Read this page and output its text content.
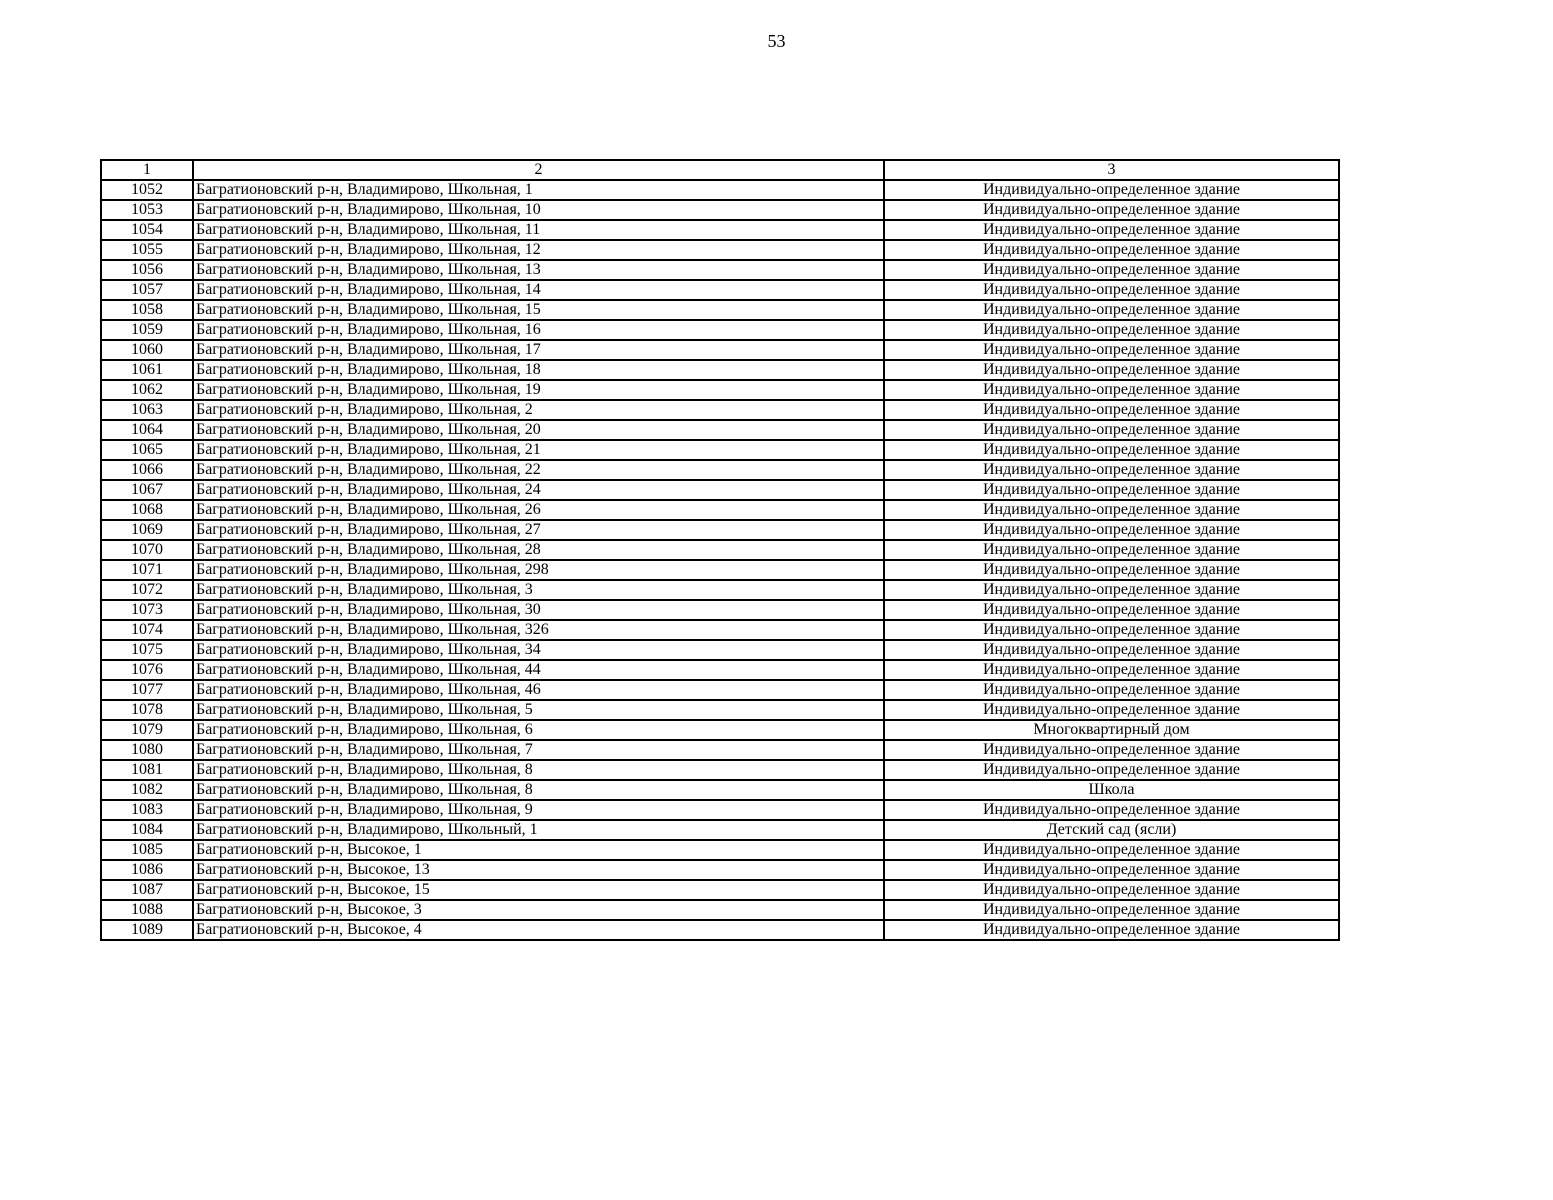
53
1	2	3
1052	Багратионовский р-н, Владимирово, Школьная, 1	Индивидуально-определенное здание
1053	Багратионовский р-н, Владимирово, Школьная, 10	Индивидуально-определенное здание
1054	Багратионовский р-н, Владимирово, Школьная, 11	Индивидуально-определенное здание
1055	Багратионовский р-н, Владимирово, Школьная, 12	Индивидуально-определенное здание
1056	Багратионовский р-н, Владимирово, Школьная, 13	Индивидуально-определенное здание
1057	Багратионовский р-н, Владимирово, Школьная, 14	Индивидуально-определенное здание
1058	Багратионовский р-н, Владимирово, Школьная, 15	Индивидуально-определенное здание
1059	Багратионовский р-н, Владимирово, Школьная, 16	Индивидуально-определенное здание
1060	Багратионовский р-н, Владимирово, Школьная, 17	Индивидуально-определенное здание
1061	Багратионовский р-н, Владимирово, Школьная, 18	Индивидуально-определенное здание
1062	Багратионовский р-н, Владимирово, Школьная, 19	Индивидуально-определенное здание
1063	Багратионовский р-н, Владимирово, Школьная, 2	Индивидуально-определенное здание
1064	Багратионовский р-н, Владимирово, Школьная, 20	Индивидуально-определенное здание
1065	Багратионовский р-н, Владимирово, Школьная, 21	Индивидуально-определенное здание
1066	Багратионовский р-н, Владимирово, Школьная, 22	Индивидуально-определенное здание
1067	Багратионовский р-н, Владимирово, Школьная, 24	Индивидуально-определенное здание
1068	Багратионовский р-н, Владимирово, Школьная, 26	Индивидуально-определенное здание
1069	Багратионовский р-н, Владимирово, Школьная, 27	Индивидуально-определенное здание
1070	Багратионовский р-н, Владимирово, Школьная, 28	Индивидуально-определенное здание
1071	Багратионовский р-н, Владимирово, Школьная, 298	Индивидуально-определенное здание
1072	Багратионовский р-н, Владимирово, Школьная, 3	Индивидуально-определенное здание
1073	Багратионовский р-н, Владимирово, Школьная, 30	Индивидуально-определенное здание
1074	Багратионовский р-н, Владимирово, Школьная, 326	Индивидуально-определенное здание
1075	Багратионовский р-н, Владимирово, Школьная, 34	Индивидуально-определенное здание
1076	Багратионовский р-н, Владимирово, Школьная, 44	Индивидуально-определенное здание
1077	Багратионовский р-н, Владимирово, Школьная, 46	Индивидуально-определенное здание
1078	Багратионовский р-н, Владимирово, Школьная, 5	Индивидуально-определенное здание
1079	Багратионовский р-н, Владимирово, Школьная, 6	Многоквартирный дом
1080	Багратионовский р-н, Владимирово, Школьная, 7	Индивидуально-определенное здание
1081	Багратионовский р-н, Владимирово, Школьная, 8	Индивидуально-определенное здание
1082	Багратионовский р-н, Владимирово, Школьная, 8	Школа
1083	Багратионовский р-н, Владимирово, Школьная, 9	Индивидуально-определенное здание
1084	Багратионовский р-н, Владимирово, Школьный, 1	Детский сад (ясли)
1085	Багратионовский р-н, Высокое, 1	Индивидуально-определенное здание
1086	Багратионовский р-н, Высокое, 13	Индивидуально-определенное здание
1087	Багратионовский р-н, Высокое, 15	Индивидуально-определенное здание
1088	Багратионовский р-н, Высокое, 3	Индивидуально-определенное здание
1089	Багратионовский р-н, Высокое, 4	Индивидуально-определенное здание
